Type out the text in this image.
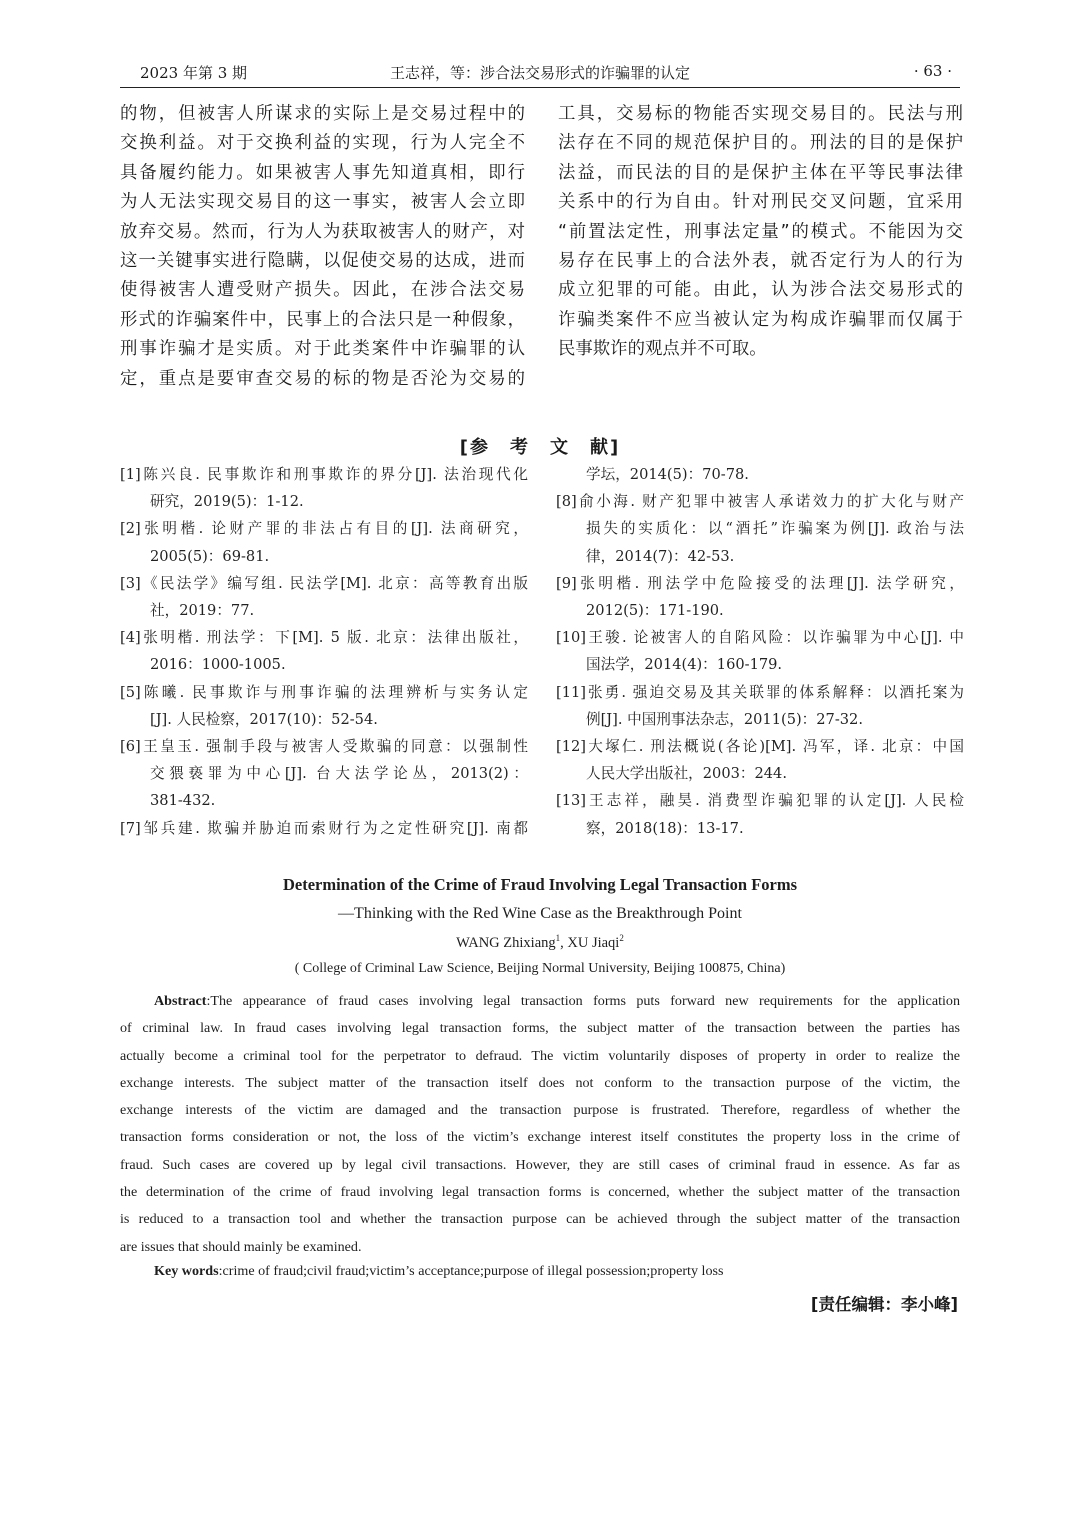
2023 年第 3 期	王志祥，等：涉合法交易形式的诈骗罪的认定	· 63 ·
的物，但被害人所谋求的实际上是交易过程中的
交换利益。对于交换利益的实现，行为人完全不
具备履约能力。如果被害人事先知道真相，即行
为人无法实现交易目的这一事实，被害人会立即
放弃交易。然而，行为人为获取被害人的财产，对
这一关键事实进行隐瞒，以促使交易的达成，进而
使得被害人遭受财产损失。因此，在涉合法交易
形式的诈骗案件中，民事上的合法只是一种假象，
刑事诈骗才是实质。对于此类案件中诈骗罪的认
定，重点是要审查交易的标的物是否沦为交易的
工具，交易标的物能否实现交易目的。民法与刑
法存在不同的规范保护目的。刑法的目的是保护
法益，而民法的目的是保护主体在平等民事法律
关系中的行为自由。针对刑民交叉问题，宜采用
“前置法定性，刑事法定量”的模式。不能因为交
易存在民事上的合法外表，就否定行为人的行为
成立犯罪的可能。由此，认为涉合法交易形式的
诈骗类案件不应当被认定为构成诈骗罪而仅属于
民事欺诈的观点并不可取。
[参　考　文　献]
[1]陈兴良. 民事欺诈和刑事欺诈的界分[J]. 法治现代化
研究，2019(5)：1-12.
[2]张明楷. 论财产罪的非法占有目的[J]. 法商研究，
2005(5)：69-81.
[3]《民法学》编写组. 民法学[M]. 北京：高等教育出版
社，2019：77.
[4]张明楷. 刑法学：下[M]. 5 版. 北京：法律出版社，
2016：1000-1005.
[5]陈曦. 民事欺诈与刑事诈骗的法理辨析与实务认定
[J]. 人民检察，2017(10)：52-54.
[6]王皇玉. 强制手段与被害人受欺骗的同意：以强制性
交猥亵罪为中心[J]. 台大法学论丛，2013(2)：
381-432.
[7]邹兵建. 欺骗并胁迫而索财行为之定性研究[J]. 南都
学坛，2014(5)：70-78.
[8]俞小海. 财产犯罪中被害人承诺效力的扩大化与财产
损失的实质化：以“酒托”诈骗案为例[J]. 政治与法
律，2014(7)：42-53.
[9]张明楷. 刑法学中危险接受的法理[J]. 法学研究，
2012(5)：171-190.
[10]王骏. 论被害人的自陷风险：以诈骗罪为中心[J]. 中
国法学，2014(4)：160-179.
[11]张勇. 强迫交易及其关联罪的体系解释：以酒托案为
例[J]. 中国刑事法杂志，2011(5)：27-32.
[12]大塚仁. 刑法概说(各论)[M]. 冯军，译. 北京：中国
人民大学出版社，2003：244.
[13]王志祥，融昊. 消费型诈骗犯罪的认定[J]. 人民检
察，2018(18)：13-17.
Determination of the Crime of Fraud Involving Legal Transaction Forms
—Thinking with the Red Wine Case as the Breakthrough Point
WANG Zhixiang$^1$, XU Jiaqi$^2$
( College of Criminal Law Science, Beijing Normal University, Beijing 100875, China)
Abstract:The appearance of fraud cases involving legal transaction forms puts forward new requirements for the application
of criminal law. In fraud cases involving legal transaction forms, the subject matter of the transaction between the parties has
actually become a criminal tool for the perpetrator to defraud. The victim voluntarily disposes of property in order to realize the
exchange interests. The subject matter of the transaction itself does not conform to the transaction purpose of the victim, the
exchange interests of the victim are damaged and the transaction purpose is frustrated. Therefore, regardless of whether the
transaction forms consideration or not, the loss of the victim’s exchange interest itself constitutes the property loss in the crime of
fraud. Such cases are covered up by legal civil transactions. However, they are still cases of criminal fraud in essence. As far as
the determination of the crime of fraud involving legal transaction forms is concerned, whether the subject matter of the transaction
is reduced to a transaction tool and whether the transaction purpose can be achieved through the subject matter of the transaction
are issues that should mainly be examined.
Key words:crime of fraud;civil fraud;victim’s acceptance;purpose of illegal possession;property loss
[责任编辑：李小峰]
